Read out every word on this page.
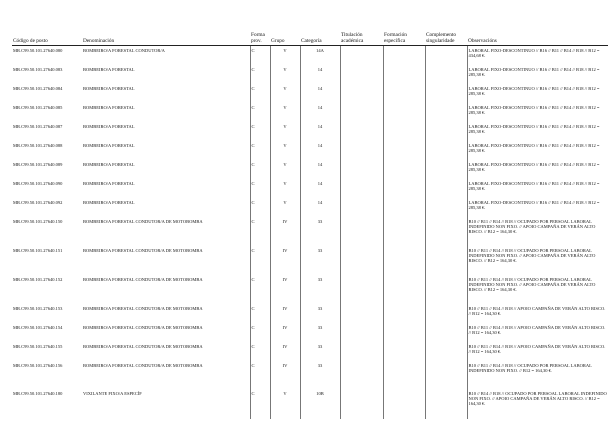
Código de posto	Denominación	Forma prov.	Grupo	Categoría	Titulación académica	Formación específica	Complemento singularidade	Observacións
MR.C99.50.101.27640.080	BOMBEIRO/A FORESTAL CONDUTOR/A	C	V	14A				LABORAL FIXO-DESCONTINUO // B16 // B11 // B14 // B18 // B12 = 434,68 €.
MR.C99.50.101.27640.083	BOMBEIRO/A FORESTAL	C	V	14				LABORAL FIXO-DESCONTINUO // B16 // B11 // B14 // B18 // B12 = 285,38 €.
MR.C99.50.101.27640.084	BOMBEIRO/A FORESTAL	C	V	14				LABORAL FIXO-DESCONTINUO // B16 // B11 // B14 // B18 // B12 = 285,38 €.
MR.C99.50.101.27640.085	BOMBEIRO/A FORESTAL	C	V	14				LABORAL FIXO-DESCONTINUO // B16 // B11 // B14 // B18 // B12 = 285,38 €.
MR.C99.50.101.27640.087	BOMBEIRO/A FORESTAL	C	V	14				LABORAL FIXO-DESCONTINUO // B16 // B11 // B14 // B18 // B12 = 285,38 €.
MR.C99.50.101.27640.088	BOMBEIRO/A FORESTAL	C	V	14				LABORAL FIXO-DESCONTINUO // B16 // B11 // B14 // B18 // B12 = 285,38 €.
MR.C99.50.101.27640.089	BOMBEIRO/A FORESTAL	C	V	14				LABORAL FIXO-DESCONTINUO // B16 // B11 // B14 // B18 // B12 = 285,38 €.
MR.C99.50.101.27640.090	BOMBEIRO/A FORESTAL	C	V	14				LABORAL FIXO-DESCONTINUO // B16 // B11 // B14 // B18 // B12 = 285,38 €.
MR.C99.50.101.27640.092	BOMBEIRO/A FORESTAL	C	V	14				LABORAL FIXO-DESCONTINUO // B16 // B11 // B14 // B18 // B12 = 285,38 €.
MR.C99.50.101.27640.150	BOMBEIRO/A FORESTAL CONDUTOR/A DE MOTOBOMBA	C	IV	33				B10 // B11 // B14 // B18 // OCUPADO POR PERSOAL LABORAL INDEFINIDO NON FIXO. // APOIO CAMPAÑA DE VERÁN ALTO RISCO. // B12 = 164,30 €.
MR.C99.50.101.27640.151	BOMBEIRO/A FORESTAL CONDUTOR/A DE MOTOBOMBA	C	IV	33				B10 // B11 // B14 // B18 // OCUPADO POR PERSOAL LABORAL INDEFINIDO NON FIXO. // APOIO CAMPAÑA DE VERÁN ALTO RISCO. // B12 = 164,30 €.
MR.C99.50.101.27640.152	BOMBEIRO/A FORESTAL CONDUTOR/A DE MOTOBOMBA	C	IV	33				B10 // B11 // B14 // B18 // OCUPADO POR PERSOAL LABORAL INDEFINIDO NON FIXO. // APOIO CAMPAÑA DE VERÁN ALTO RISCO. // B12 = 164,30 €.
MR.C99.50.101.27640.153	BOMBEIRO/A FORESTAL CONDUTOR/A DE MOTOBOMBA	C	IV	33				B10 // B11 // B14 // B18 // APOIO CAMPAÑA DE VERÁN ALTO RISCO. // B12 = 164,30 €.
MR.C99.50.101.27640.154	BOMBEIRO/A FORESTAL CONDUTOR/A DE MOTOBOMBA	C	IV	33				B10 // B11 // B14 // B18 // APOIO CAMPAÑA DE VERÁN ALTO RISCO. // B12 = 164,30 €.
MR.C99.50.101.27640.155	BOMBEIRO/A FORESTAL CONDUTOR/A DE MOTOBOMBA	C	IV	33				B10 // B11 // B14 // B18 // APOIO CAMPAÑA DE VERÁN ALTO RISCO. // B12 = 164,30 €.
MR.C99.50.101.27640.156	BOMBEIRO/A FORESTAL CONDUTOR/A DE MOTOBOMBA	C	IV	33				B10 // B11 // B14 // B18 // OCUPADO POR PERSOAL LABORAL INDEFINIDO NON FIXO. // B12 = 164,30 €.
MR.C99.50.101.27640.180	VIXILANTE FIXO/A ESPECÍF	C	V	10B				B10 // B14 // B18 // OCUPADO POR PERSOAL LABORAL INDEFINIDO NON FIXO. // APOIO CAMPAÑA DE VERÁN ALTO RISCO. // B12 = 164,30 €.
